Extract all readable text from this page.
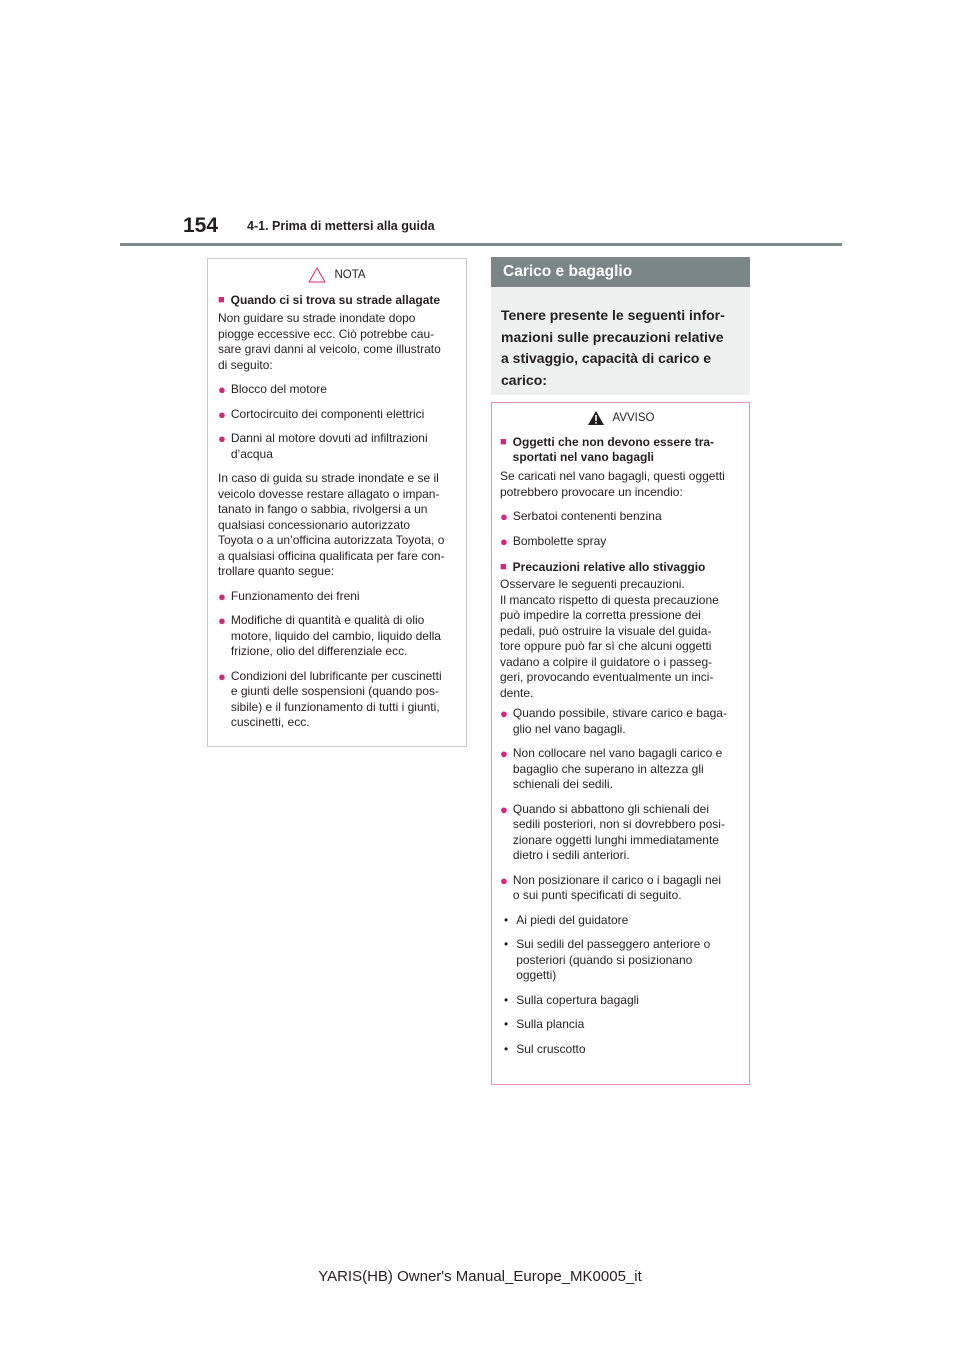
154 4-1. Prima di mettersi alla guida
NOTA
■ Quando ci si trova su strade allagate

Non guidare su strade inondate dopo
piogge eccessive ecc. Ciò potrebbe cau-
sare gravi danni al veicolo, come illustrato
di seguito:

● Blocco del motore
● Cortocircuito dei componenti elettrici
● Danni al motore dovuti ad infiltrazioni
d’acqua

In caso di guida su strade inondate e se il
veicolo dovesse restare allagato o impan-
tanato in fango o sabbia, rivolgersi a un
qualsiasi concessionario autorizzato
Toyota o a un’officina autorizzata Toyota, o
a qualsiasi officina qualificata per fare con-
trollare quanto segue:

● Funzionamento dei freni
● Modifiche di quantità e qualità di olio
motore, liquido del cambio, liquido della
frizione, olio del differenziale ecc.
● Condizioni del lubrificante per cuscinetti
e giunti delle sospensioni (quando pos-
sibile) e il funzionamento di tutti i giunti,
cuscinetti, ecc.
Carico e bagaglio
Tenere presente le seguenti infor-
mazioni sulle precauzioni relative
a stivaggio, capacità di carico e
carico:
AVVISO
■ Oggetti che non devono essere tra-
sportati nel vano bagagli

Se caricati nel vano bagagli, questi oggetti
potrebbero provocare un incendio:

● Serbatoi contenenti benzina
● Bombolette spray
■ Precauzioni relative allo stivaggio

Osservare le seguenti precauzioni.
Il mancato rispetto di questa precauzione
può impedire la corretta pressione dei
pedali, può ostruire la visuale del guida-
tore oppure può far sì che alcuni oggetti
vadano a colpire il guidatore o i passeg-
geri, provocando eventualmente un inci-
dente.

● Quando possibile, stivare carico e baga-
glio nel vano bagagli.
● Non collocare nel vano bagagli carico e
bagaglio che superano in altezza gli
schienali dei sedili.
● Quando si abbattono gli schienali dei
sedili posteriori, non si dovrebbero posi-
zionare oggetti lunghi immediatamente
dietro i sedili anteriori.
● Non posizionare il carico o i bagagli nei
o sui punti specificati di seguito.
• Ai piedi del guidatore
• Sui sedili del passeggero anteriore o
posteriori (quando si posizionano
oggetti)
• Sulla copertura bagagli
• Sulla plancia
• Sul cruscotto
YARIS(HB) Owner's Manual_Europe_MK0005_it
